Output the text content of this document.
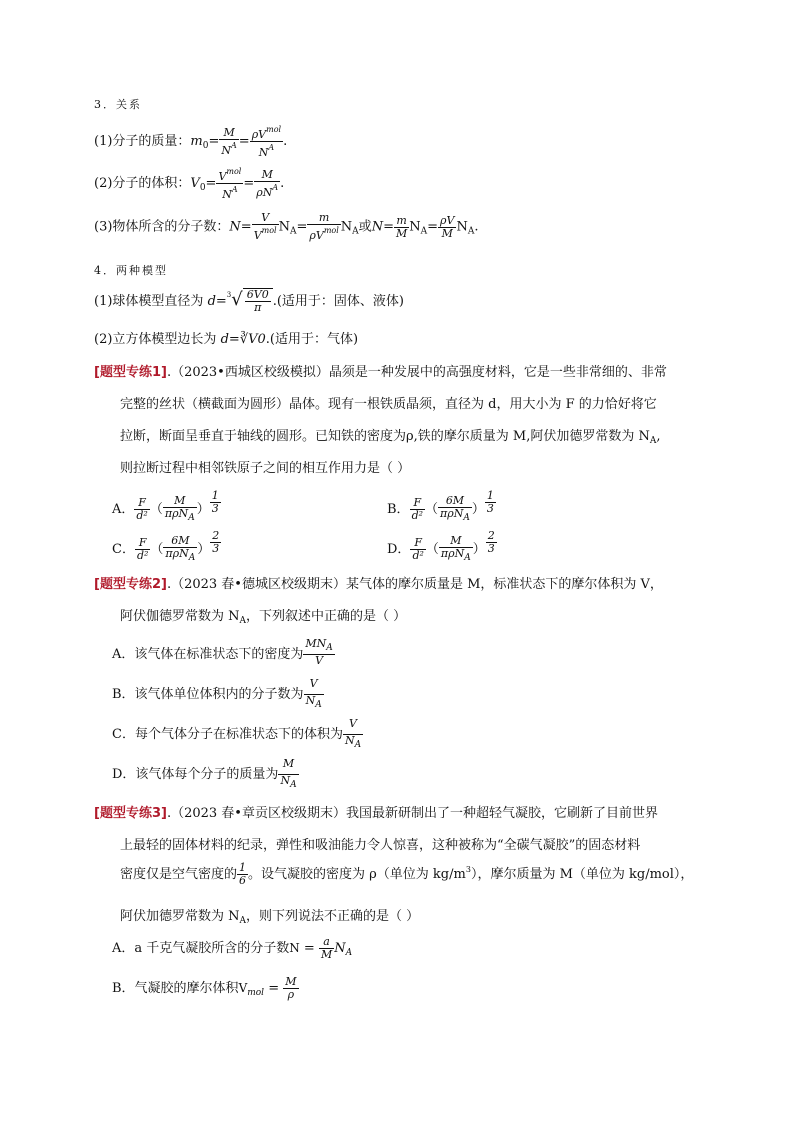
3．关系
(1)分子的质量：$m_0= \frac{M}{N^A} = \rho V^{mol}$
$N^A$ .
(2)分子的体积：$V_0= V^{mol}$
$N^A$ =
M
$\rho N^A$ .
(3)物体所含的分子数：N=
V
$V^{mol}$ $N_A=$
m
$\rho V^{mol}$ $N_A$或$N= \frac{m}{M} N_A= \frac{\rho V}{M} N_A$.
4．两种模型
(1)球体模型直径为 $d=^3√ \frac{6V0}{\pi}$ .(适用于：固体、液体)
(2)立方体模型边长为 d=∛V0.(适用于：气体)
[题型专练1].（2023•西城区校级模拟）晶须是一种发展中的高强度材料，它是一些非常细的、非常
完整的丝状（横截面为圆形）晶体。现有一根铁质晶须，直径为 d，用大小为 F 的力恰好将它
拉断，断面呈垂直于轴线的圆形。已知铁的密度为ρ,铁的摩尔质量为 M,阿伏加德罗常数为 $N_A$,
则拉断过程中相邻铁原子之间的相互作用力是（ ）
A． $\frac{F}{\text{d²}}$ （
M
πρN$_A$
） $\frac{1}{3}$	B． $\frac{F}{\text{d²}}$ （
6M
πρN$_A$
） $\frac{1}{3}$
C． $\frac{F}{\text{d²}}$ （
6M
πρN$_A$
） $\frac{2}{3}$	D． $\frac{F}{\text{d²}}$ （
M
πρN$_A$
） $\frac{2}{3}$
[题型专练2].（2023 春•德城区校级期末）某气体的摩尔质量是 M，标准状态下的摩尔体积为 V，
阿伏伽德罗常数为 $N_A$，下列叙述中正确的是（ ）
A．该气体在标准状态下的密度为
$MN_A$
V
B．该气体单位体积内的分子数为 $\frac{V}{N_A}$
C．每个气体分子在标准状态下的体积为 $\frac{V}{N_A}$
D．该气体每个分子的质量为 $\frac{M}{N_A}$
[题型专练3].（2023 春•章贡区校级期末）我国最新研制出了一种超轻气凝胶，它刷新了目前世界
上最轻的固体材料的纪录，弹性和吸油能力令人惊喜，这种被称为“全碳气凝胶”的固态材料
密度仅是空气密度的 $\frac{1}{6}$ 。设气凝胶的密度为 ρ（单位为 $kg/m^3$），摩尔质量为 M（单位为 kg/mol），
阿伏加德罗常数为 $N_A$，则下列说法不正确的是（ ）
A．a 千克气凝胶所含的分子数$N = \frac{a}{M} N_A$
B．气凝胶的摩尔体积$V_{mol} = \frac{M}{\rho}$
